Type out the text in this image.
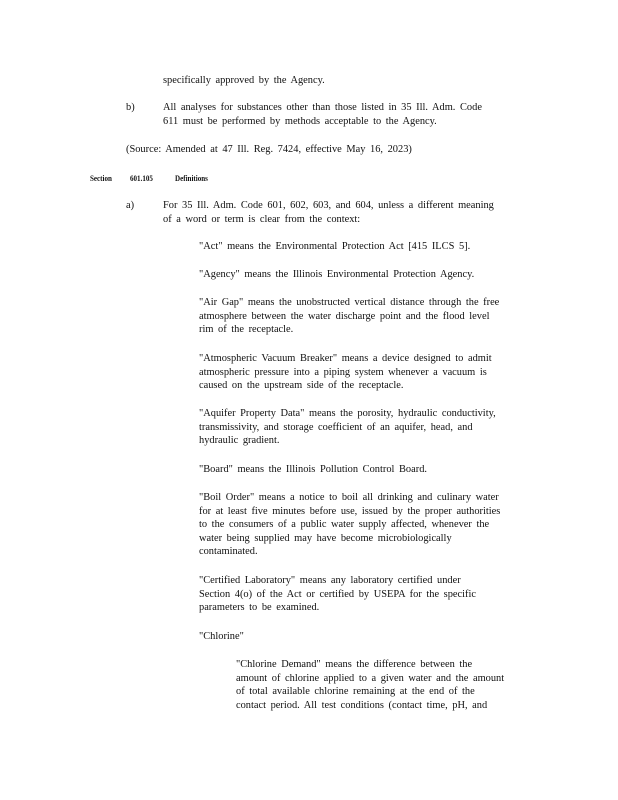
specifically approved by the Agency.
b)	All analyses for substances other than those listed in 35 Ill. Adm. Code
611 must be performed by methods acceptable to the Agency.
(Source: Amended at 47 Ill. Reg. 7424, effective May 16, 2023)
Section 601.105	Definitions
a)	For 35 Ill. Adm. Code 601, 602, 603, and 604, unless a different meaning
of a word or term is clear from the context:
"Act" means the Environmental Protection Act [415 ILCS 5].
"Agency" means the Illinois Environmental Protection Agency.
"Air Gap" means the unobstructed vertical distance through the free
atmosphere between the water discharge point and the flood level
rim of the receptacle.
"Atmospheric Vacuum Breaker" means a device designed to admit
atmospheric pressure into a piping system whenever a vacuum is
caused on the upstream side of the receptacle.
"Aquifer Property Data" means the porosity, hydraulic conductivity,
transmissivity, and storage coefficient of an aquifer, head, and
hydraulic gradient.
"Board" means the Illinois Pollution Control Board.
"Boil Order" means a notice to boil all drinking and culinary water
for at least five minutes before use, issued by the proper authorities
to the consumers of a public water supply affected, whenever the
water being supplied may have become microbiologically
contaminated.
"Certified Laboratory" means any laboratory certified under
Section 4(o) of the Act or certified by USEPA for the specific
parameters to be examined.
"Chlorine"
"Chlorine Demand" means the difference between the
amount of chlorine applied to a given water and the amount
of total available chlorine remaining at the end of the
contact period. All test conditions (contact time, pH, and
